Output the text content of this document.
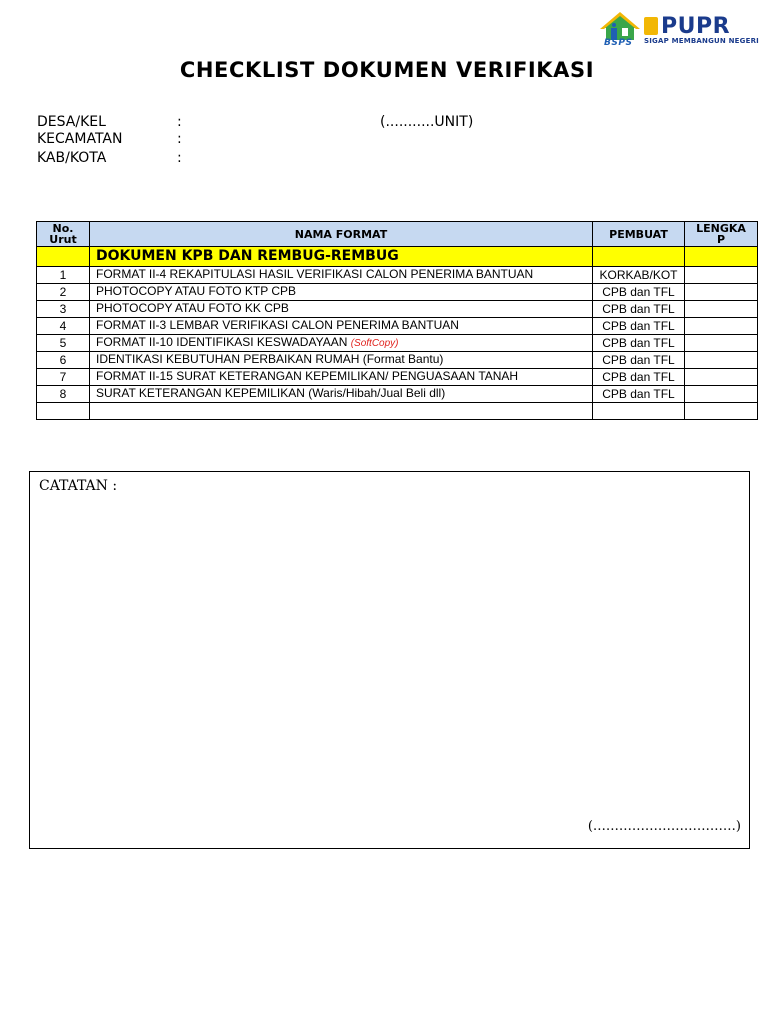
BSPS
PUPR
SIGAP MEMBANGUN NEGERI
CHECKLIST DOKUMEN VERIFIKASI
DESA/KEL	:	(...........UNIT)
KECAMATAN	:
KAB/KOTA	:
No.
Urut	NAMA FORMAT	PEMBUAT	LENGKA
P
	DOKUMEN KPB DAN REMBUG-REMBUG		
1	FORMAT II-4 REKAPITULASI HASIL VERIFIKASI CALON PENERIMA BANTUAN	KORKAB/KOT	
2	PHOTOCOPY ATAU FOTO KTP CPB	CPB dan TFL	
3	PHOTOCOPY ATAU FOTO KK CPB	CPB dan TFL	
4	FORMAT II-3 LEMBAR VERIFIKASI CALON PENERIMA BANTUAN	CPB dan TFL	
5	FORMAT II-10 IDENTIFIKASI KESWADAYAAN (SoftCopy)	CPB dan TFL	
6	IDENTIKASI KEBUTUHAN PERBAIKAN RUMAH (Format Bantu)	CPB dan TFL	
7	FORMAT II-15 SURAT KETERANGAN KEPEMILIKAN/ PENGUASAAN TANAH	CPB dan TFL	
8	SURAT KETERANGAN KEPEMILIKAN (Waris/Hibah/Jual Beli dll)	CPB dan TFL	

CATATAN :
(……………………………)
